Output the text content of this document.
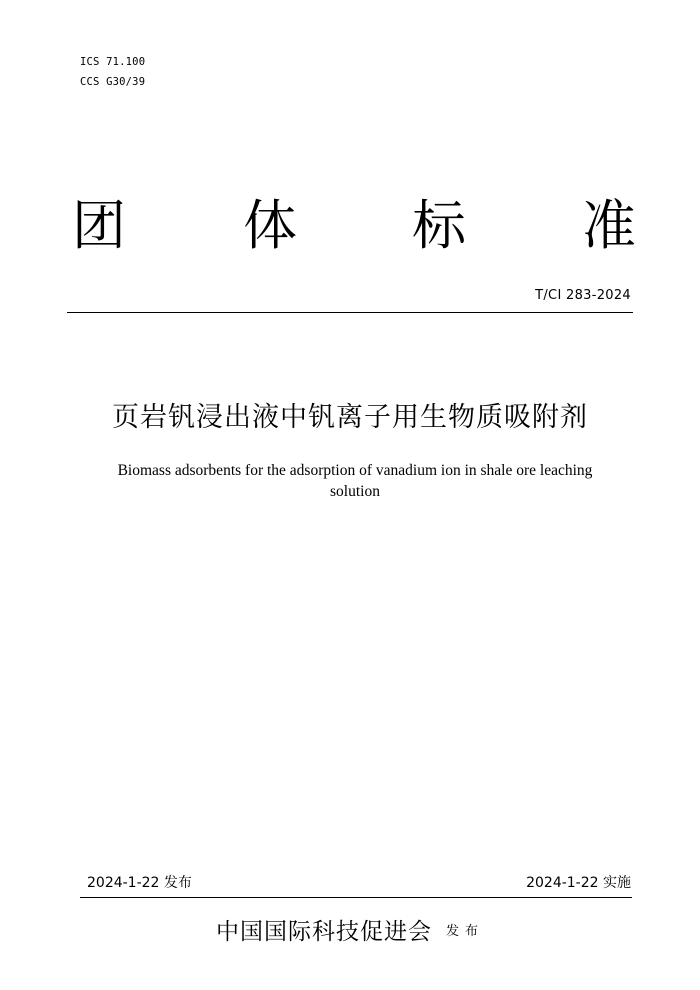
ICS 71.100
CCS G30/39
团 体 标 准
T/CI 283-2024
页岩钒浸出液中钒离子用生物质吸附剂
Biomass adsorbents for the adsorption of vanadium ion in shale ore leaching
solution
2024-1-22 发布	2024-1-22 实施
中国国际科技促进会 发布
